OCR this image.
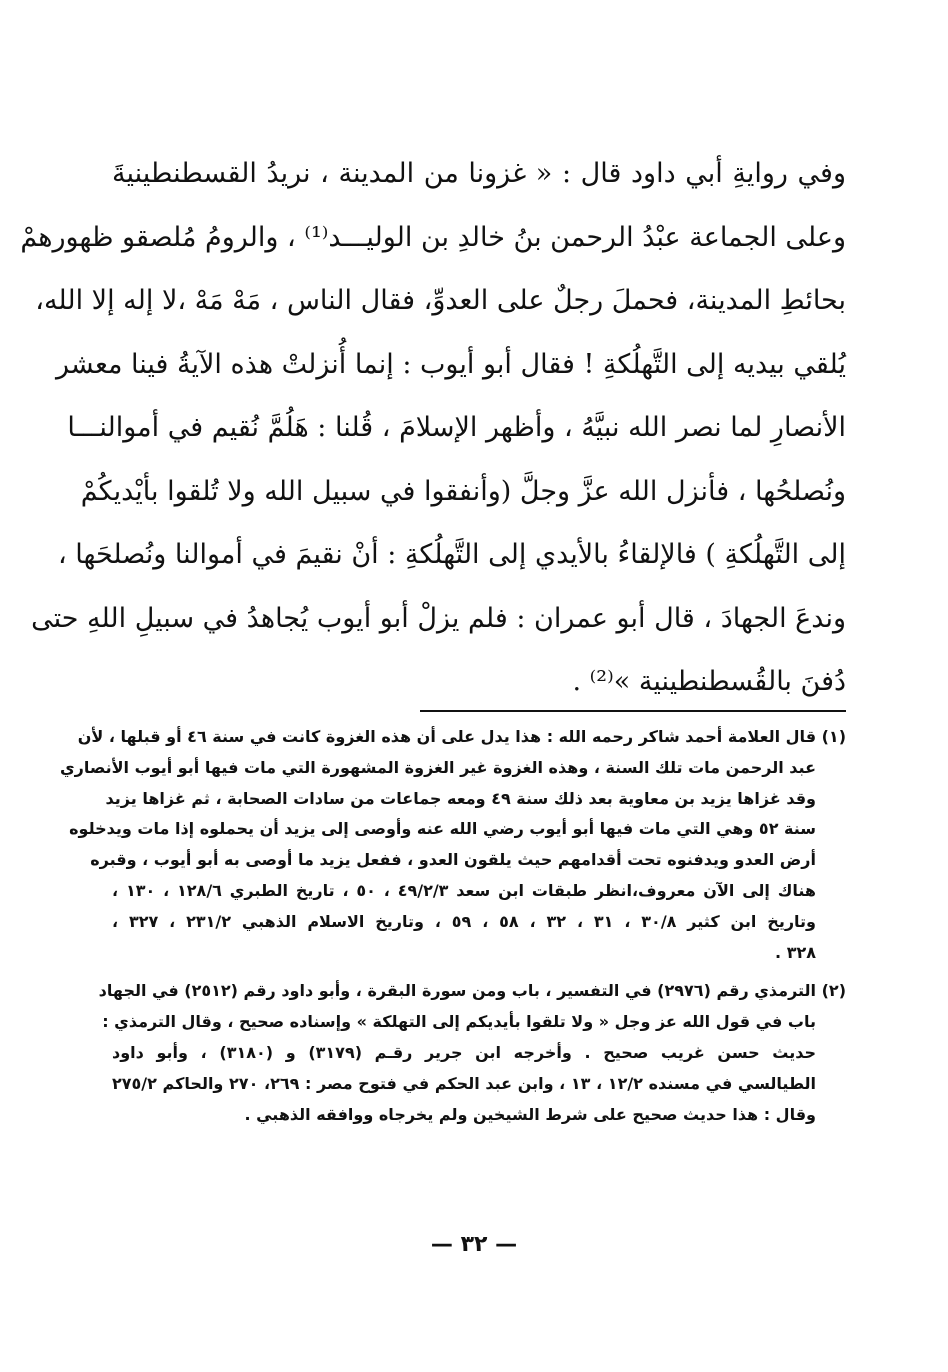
وفي روايةِ أبي داود قال : « غزونا من المدينة ، نريدُ القسطنطينيةَ
وعلى الجماعة عبْدُ الرحمن بنُ خالدِ بن الوليـــد⁽¹⁾ ، والرومُ مُلصقو ظهورهمْ
بحائطِ المدينة، فحملَ رجلٌ على العدوِّ، فقال الناس ، مَهْ مَهْ ،لا إله إلا الله،
يُلقي بيديه إلى التَّهلُكةِ ! فقال أبو أيوب : إنما أُنزلتْ هذه الآيةُ فينا معشر
الأنصارِ لما نصر الله نبيَّهُ ، وأظهر الإسلامَ ، قُلنا : هَلُمَّ نُقيم في أموالنـــا
ونُصلحُها ، فأنزل الله عزَّ وجلَّ (وأنفقوا في سبيل الله ولا تُلقوا بأيْديكُمْ
إلى التَّهلُكةِ ) فالإلقاءُ بالأيدي إلى التَّهلُكةِ : أنْ نقيمَ في أموالنا ونُصلحَها ،
وندعَ الجهادَ ، قال أبو عمران : فلم يزلْ أبو أيوب يُجاهدُ في سبيلِ اللهِ حتى
دُفنَ بالقُسطنطينية »⁽²⁾ .
(١) قال العلامة أحمد شاكر رحمه الله : هذا يدل على أن هذه الغزوة كانت في سنة ٤٦ أو قبلها ، لأن
عبد الرحمن مات تلك السنة ، وهذه الغزوة غير الغزوة المشهورة التي مات فيها أبو أيوب الأنصاري
وقد غزاها يزيد بن معاوية بعد ذلك سنة ٤٩ ومعه جماعات من سادات الصحابة ، ثم غزاها يزيد
سنة ٥٢ وهي التي مات فيها أبو أيوب رضي الله عنه وأوصى إلى يزيد أن يحملوه إذا مات ويدخلوه
أرض العدو ويدفنوه تحت أقدامهم حيث يلقون العدو ، ففعل يزيد ما أوصى به أبو أيوب ، وقبره
هناك إلى الآن معروف،انظر طبقات ابن سعد ٤٩/٢/٣ ، ٥٠ ، تاريخ الطبري ١٢٨/٦ ، ١٣٠ ،
وتاريخ ابن كثير ٣٠/٨ ، ٣١ ، ٣٢ ، ٥٨ ، ٥٩ ، وتاريخ الاسلام الذهبي ٢٣١/٢ ، ٣٢٧ ،
٣٢٨ .
(٢) الترمذي رقم (٢٩٧٦) في التفسير ، باب ومن سورة البقرة ، وأبو داود رقم (٢٥١٢) في الجهاد
باب في قول الله عز وجل « ولا تلقوا بأيديكم إلى التهلكة » وإسناده صحيح ، وقال الترمذي :
حديث حسن غريب صحيح . وأخرجه ابن جرير رقـم (٣١٧٩) و (٣١٨٠) ، وأبو داود
الطيالسي في مسنده ١٢/٢ ، ١٣ ، وابن عبد الحكم في فتوح مصر : ٢٦٩، ٢٧٠ والحاكم ٢٧٥/٢
وقال : هذا حديث صحيح على شرط الشيخين ولم يخرجاه ووافقه الذهبي .
— ٣٢ —
